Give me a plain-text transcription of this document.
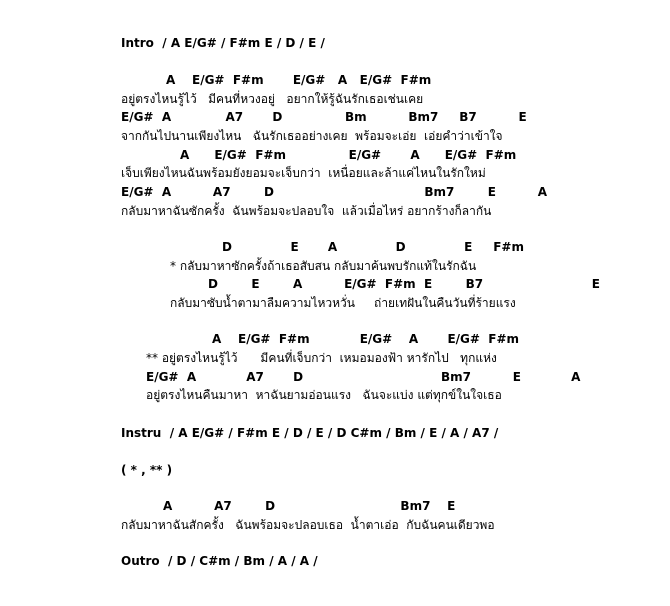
Intro  / A E/G# / F#m E / D / E /
A    E/G#  F#m       E/G#   A   E/G#  F#m
อยู่ตรงไหนรู้ไว้   มีคนที่หวงอยู่   อยากให้รู้ฉันรักเธอเช่นเคย
E/G#  A             A7       D               Bm          Bm7     B7          E
จากกันไปนานเพียงไหน   ฉันรักเธออย่างเคย  พร้อมจะเอ่ย  เอ่ยคำว่าเข้าใจ
A      E/G#  F#m               E/G#       A      E/G#  F#m
เจ็บเพียงไหนฉันพร้อมยังยอมจะเจ็บกว่า  เหนื่อยและล้าแค่ไหนในรักใหม่
E/G#  A          A7        D                                    Bm7        E          A
กลับมาหาฉันซักครั้ง  ฉันพร้อมจะปลอบใจ  แล้วเมื่อไหร่ อยากร้างก็ลากัน
D              E       A              D              E     F#m
* กลับมาหาซักครั้งถ้าเธอสับสน กลับมาค้นพบรักแท้ในรักฉัน
D        E        A          E/G#  F#m  E        B7                          E
กลับมาซับน้ำตามาลืมความไหวหวั่น     ถ่ายเทฝันในคืนวันที่ร้ายแรง
A    E/G#  F#m            E/G#    A       E/G#  F#m
** อยู่ตรงไหนรู้ไว้      มีคนที่เจ็บกว่า  เหมอมองฟ้า หารักไป   ทุกแห่ง
E/G#  A            A7       D                                 Bm7          E            A
อยู่ตรงไหนคืนมาหา  หาฉันยามอ่อนแรง   ฉันจะแบ่ง แต่ทุกข์ในใจเธอ
Instru  / A E/G# / F#m E / D / E / D C#m / Bm / E / A / A7 /
( * , ** )
A          A7        D                              Bm7    E
กลับมาหาฉันสักครั้ง   ฉันพร้อมจะปลอบเธอ  น้ำตาเอ่อ  กับฉันคนเดียวพอ
Outro  / D / C#m / Bm / A / A /
